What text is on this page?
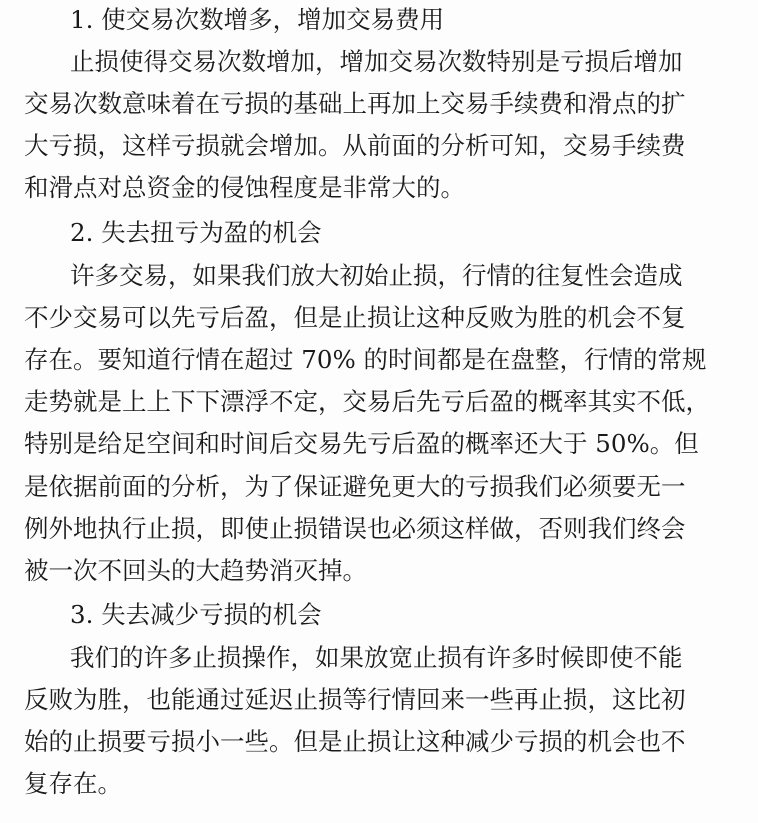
1. 使交易次数增多，增加交易费用
止损使得交易次数增加，增加交易次数特别是亏损后增加
交易次数意味着在亏损的基础上再加上交易手续费和滑点的扩
大亏损，这样亏损就会增加。从前面的分析可知，交易手续费
和滑点对总资金的侵蚀程度是非常大的。
2. 失去扭亏为盈的机会
许多交易，如果我们放大初始止损，行情的往复性会造成
不少交易可以先亏后盈，但是止损让这种反败为胜的机会不复
存在。要知道行情在超过 70% 的时间都是在盘整，行情的常规
走势就是上上下下漂浮不定，交易后先亏后盈的概率其实不低，
特别是给足空间和时间后交易先亏后盈的概率还大于 50%。但
是依据前面的分析，为了保证避免更大的亏损我们必须要无一
例外地执行止损，即使止损错误也必须这样做，否则我们终会
被一次不回头的大趋势消灭掉。
3. 失去减少亏损的机会
我们的许多止损操作，如果放宽止损有许多时候即使不能
反败为胜，也能通过延迟止损等行情回来一些再止损，这比初
始的止损要亏损小一些。但是止损让这种减少亏损的机会也不
复存在。
